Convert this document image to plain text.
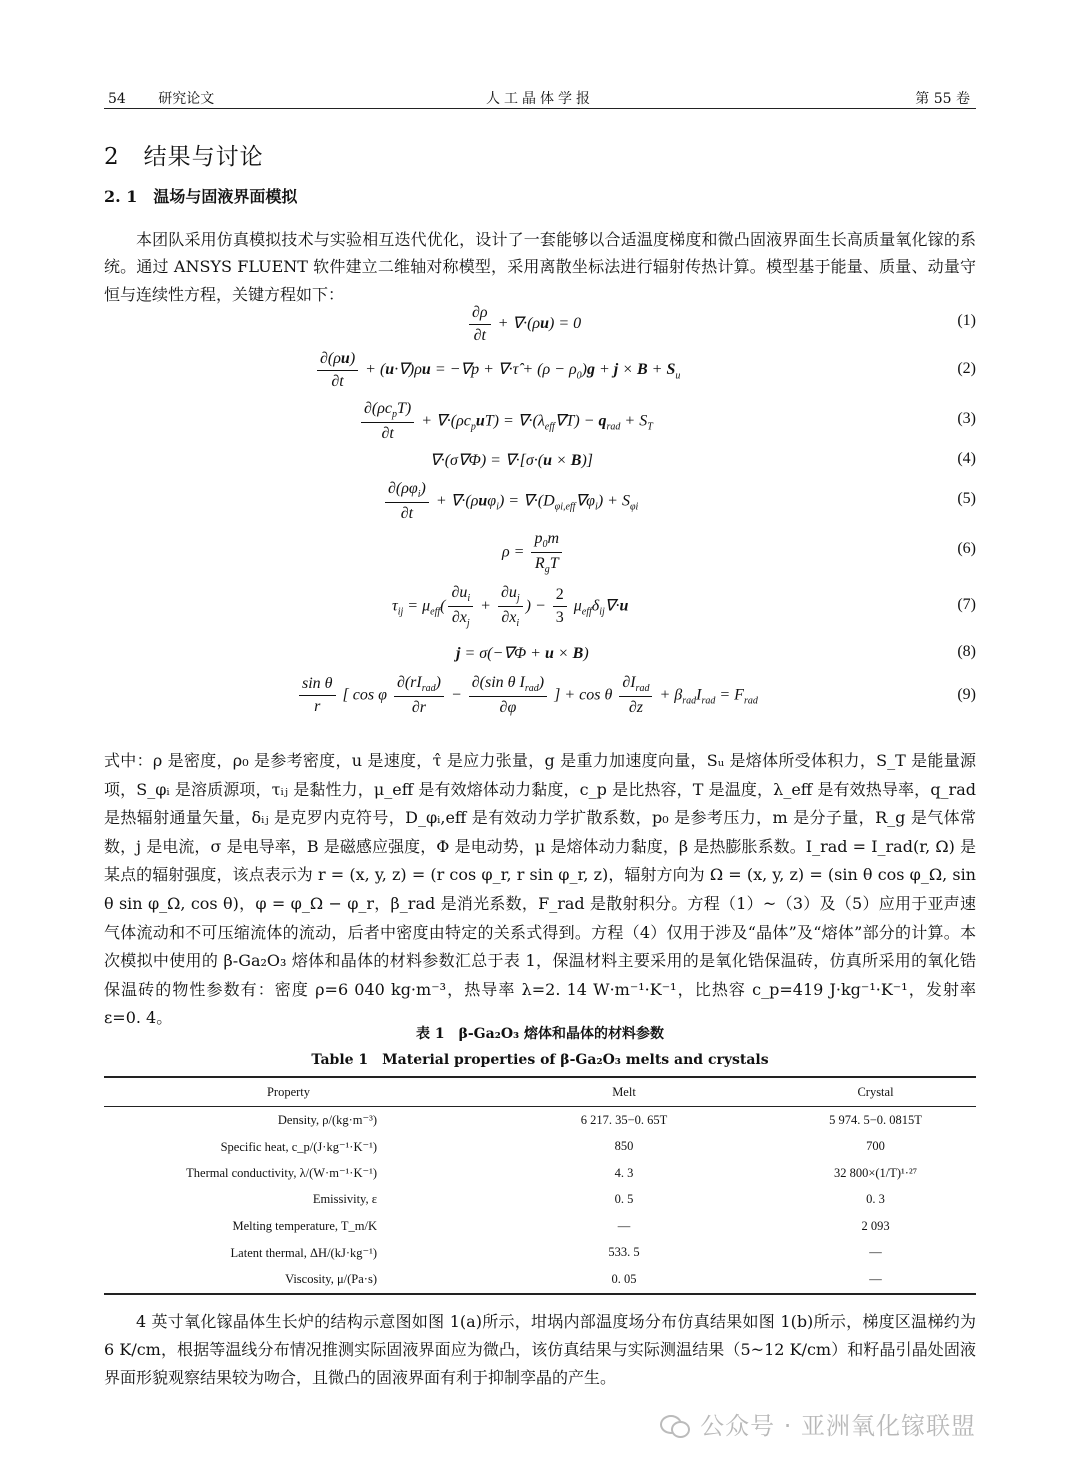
54 研究论文	人工晶体学报	第 55 卷
2　结果与讨论
2. 1　温场与固液界面模拟

本团队采用仿真模拟技术与实验相互迭代优化，设计了一套能够以合适温度梯度和微凸固液界面生长高质量氧化镓的系统。通过 ANSYS FLUENT 软件建立二维轴对称模型，采用离散坐标法进行辐射传热计算。模型基于能量、质量、动量守恒与连续性方程，关键方程如下：

$\frac{\partial\rho}{\partial t} + \nabla\cdot(\rho u) = 0$	(1)
$\frac{\partial(\rho u)}{\partial t} + (u\cdot\nabla)\rho u = -\nabla p$ + ∇·τ̂ + $(\rho - \rho_0)g + j \times B + S_u$	(2)
$\frac{\partial(\rho c_pT)}{\partial t} + \nabla\cdot(\rho c_puT) = \nabla\cdot(\lambda_{eff}\nabla T) - q_{rad} + S_T$	(3)
∇·(σ∇Φ) = ∇·[σ·(u × B)]	(4)
$\frac{\partial(\rho\varphi_i)}{\partial t} + \nabla\cdot(\rho u\varphi_i) = \nabla\cdot(D_{\varphi i,eff}\nabla\varphi_i) + S_{\varphi i}$	(5)
$\rho = \frac{p_0m}{R_gT}$	(6)
$\tau_{ij} = \mu_{eff}( \frac{\partial u_i}{\partial x_j} + \frac{\partial u_j}{\partial x_i}$ ) − $\frac{2}{3} \mu_{eff}\delta_{ij}\nabla\cdot u$	(7)
j = σ(−∇Φ + u × B)	(8)
$\frac{\text{sin θ}}{r}$ [ cos φ $\frac{\partial(rI_{rad})}{\partial r} - \frac{\partial(\sin \theta I_{rad})}{\partial\varphi}$ ] + cos θ $\frac{\partial I_{rad}}{\partial z} + \beta_{rad}I_{rad} = F_{rad}$	(9)

式中：ρ 是密度，ρ₀ 是参考密度，u 是速度，τ̂ 是应力张量，g 是重力加速度向量，Sᵤ 是熔体所受体积力，S_T 是能量源项，S_φᵢ 是溶质源项，τᵢⱼ 是黏性力，μ_eff 是有效熔体动力黏度，c_p 是比热容，T 是温度，λ_eff 是有效热导率，q_rad 是热辐射通量矢量，δᵢⱼ 是克罗内克符号，D_φᵢ,eff 是有效动力学扩散系数，p₀ 是参考压力，m 是分子量，R_g 是气体常数，j 是电流，σ 是电导率，B 是磁感应强度，Φ 是电动势，μ 是熔体动力黏度，β 是热膨胀系数。I_rad = I_rad(r, Ω) 是某点的辐射强度，该点表示为 r = (x, y, z) = (r cos φ_r, r sin φ_r, z)，辐射方向为 Ω = (x, y, z) = (sin θ cos φ_Ω, sin θ sin φ_Ω, cos θ)，φ = φ_Ω − φ_r，β_rad 是消光系数，F_rad 是散射积分。方程（1）~（3）及（5）应用于亚声速气体流动和不可压缩流体的流动，后者中密度由特定的关系式得到。方程（4）仅用于涉及“晶体”及“熔体”部分的计算。本次模拟中使用的 β-Ga₂O₃ 熔体和晶体的材料参数汇总于表 1，保温材料主要采用的是氧化锆保温砖，仿真所采用的氧化锆保温砖的物性参数有：密度 ρ=6 040 kg·m⁻³，热导率 λ=2. 14 W·m⁻¹·K⁻¹，比热容 c_p=419 J·kg⁻¹·K⁻¹，发射率 ε=0. 4。

表 1　β-Ga₂O₃ 熔体和晶体的材料参数
Table 1　Material properties of β-Ga₂O₃ melts and crystals
Property	Melt	Crystal
Density, ρ/(kg·m⁻³)	6 217. 35−0. 65T	5 974. 5−0. 0815T
Specific heat, c_p/(J·kg⁻¹·K⁻¹)	850	700
Thermal conductivity, λ/(W·m⁻¹·K⁻¹)	4. 3	32 800×(1/T)¹·²⁷
Emissivity, ε	0. 5	0. 3
Melting temperature, T_m/K	—	2 093
Latent thermal, ΔH/(kJ·kg⁻¹)	533. 5	—
Viscosity, μ/(Pa·s)	0. 05	—

4 英寸氧化镓晶体生长炉的结构示意图如图 1(a)所示，坩埚内部温度场分布仿真结果如图 1(b)所示，梯度区温梯约为 6 K/cm，根据等温线分布情况推测实际固液界面应为微凸，该仿真结果与实际测温结果（5~12 K/cm）和籽晶引晶处固液界面形貌观察结果较为吻合，且微凸的固液界面有利于抑制孪晶的产生。

公众号 · 亚洲氧化镓联盟
